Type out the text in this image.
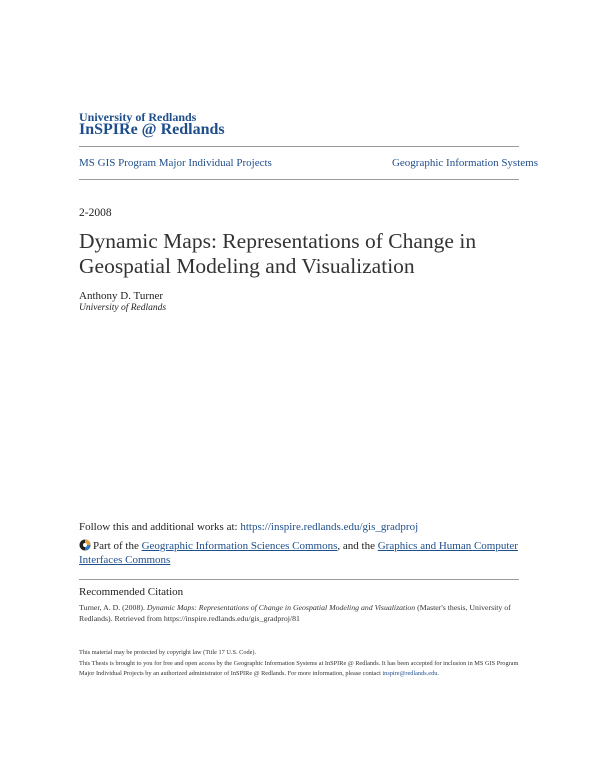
University of Redlands
InSPIRe @ Redlands
MS GIS Program Major Individual Projects	Geographic Information Systems
2-2008
Dynamic Maps: Representations of Change in Geospatial Modeling and Visualization
Anthony D. Turner
University of Redlands
Follow this and additional works at: https://inspire.redlands.edu/gis_gradproj
Part of the Geographic Information Sciences Commons, and the Graphics and Human Computer Interfaces Commons
Recommended Citation
Turner, A. D. (2008). Dynamic Maps: Representations of Change in Geospatial Modeling and Visualization (Master's thesis, University of Redlands). Retrieved from https://inspire.redlands.edu/gis_gradproj/81
This material may be protected by copyright law (Title 17 U.S. Code).
This Thesis is brought to you for free and open access by the Geographic Information Systems at InSPIRe @ Redlands. It has been accepted for inclusion in MS GIS Program Major Individual Projects by an authorized administrator of InSPIRe @ Redlands. For more information, please contact inspire@redlands.edu.
